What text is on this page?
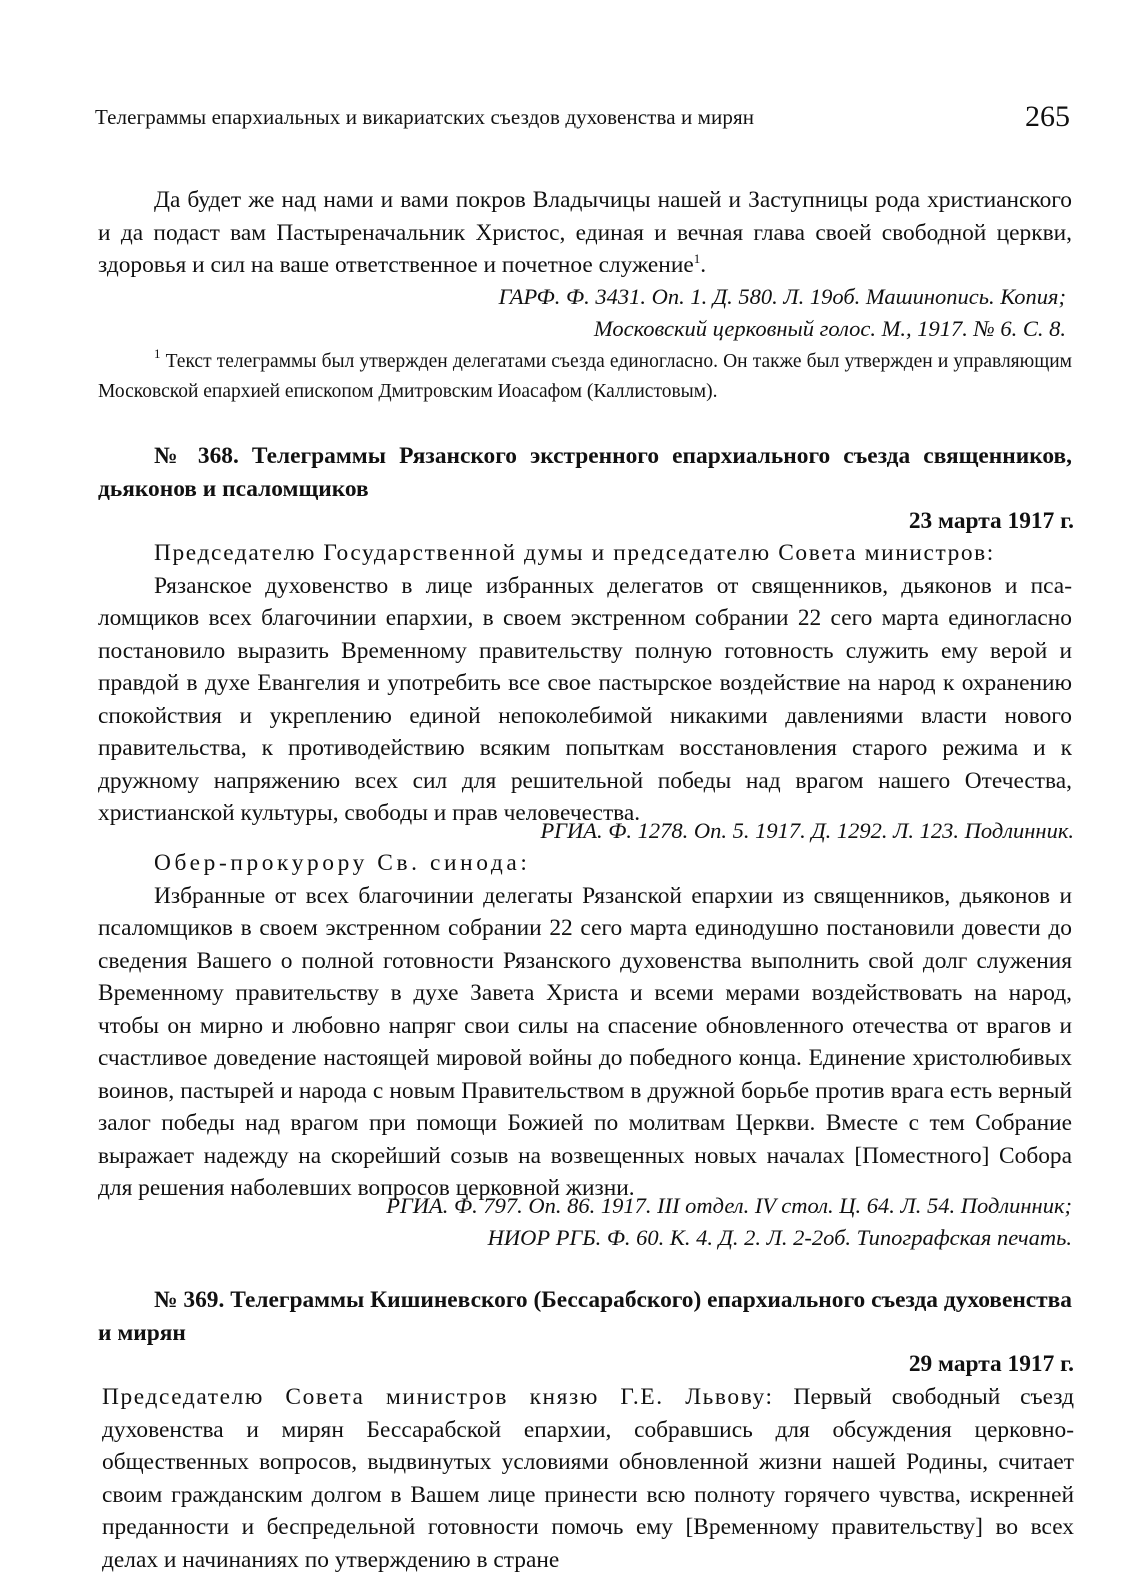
Телеграммы епархиальных и викариатских съездов духовенства и мирян	265

Да будет же над нами и вами покров Владычицы нашей и Заступницы рода христианского и да подаст вам Пастыреначальник Христос, единая и вечная глава своей свободной церкви, здоровья и сил на ваше ответственное и почетное служение$^1$.

ГАРФ. Ф. 3431. Оп. 1. Д. 580. Л. 19об. Машинопись. Копия;

Московский церковный голос. М., 1917. № 6. С. 8.

$^1$ Текст телеграммы был утвержден делегатами съезда единогласно. Он также был утвержден и управляющим Московской епархией епископом Дмитровским Иоасафом (Каллистовым).

№ 368. Телеграммы Рязанского экстренного епархиального съезда священников, дьяконов и псаломщиков

23 марта 1917 г.

Председателю Государственной думы и председателю Совета министров:

Рязанское духовенство в лице избранных делегатов от священников, дьяконов и псаломщиков всех благочинии епархии, в своем экстренном собрании 22 сего марта единогласно постановило выразить Временному правительству полную готовность служить ему верой и правдой в духе Евангелия и употребить все свое пастырское воздействие на народ к охранению спокойствия и укреплению единой непоколебимой никакими давлениями власти нового правительства, к противодействию всяким попыткам восстановления старого режима и к дружному напряжению всех сил для решительной победы над врагом нашего Отечества, христианской культуры, свободы и прав человечества.

РГИА. Ф. 1278. Оп. 5. 1917. Д. 1292. Л. 123. Подлинник.

Обер-прокурору Св. синода:

Избранные от всех благочинии делегаты Рязанской епархии из священников, дьяконов и псаломщиков в своем экстренном собрании 22 сего марта единодушно постановили довести до сведения Вашего о полной готовности Рязанского духовенства выполнить свой долг служения Временному правительству в духе Завета Христа и всеми мерами воздействовать на народ, чтобы он мирно и любовно напряг свои силы на спасение обновленного отечества от врагов и счастливое доведение настоящей мировой войны до победного конца. Единение христолюбивых воинов, пастырей и народа с новым Правительством в дружной борьбе против врага есть верный залог победы над врагом при помощи Божией по молитвам Церкви. Вместе с тем Собрание выражает надежду на скорейший созыв на возвещенных новых началах [Поместного] Собора для решения наболевших вопросов церковной жизни.

РГИА. Ф. 797. Оп. 86. 1917. III отдел. IV стол. Ц. 64. Л. 54. Подлинник;

НИОР РГБ. Ф. 60. К. 4. Д. 2. Л. 2-2об. Типографская печать.

№ 369. Телеграммы Кишиневского (Бессарабского) епархиального съезда духовенства и мирян

29 марта 1917 г.

Председателю Совета министров князю Г.Е. Львову: Первый свободный съезд духовенства и мирян Бессарабской епархии, собравшись для обсуждения церковно-общественных вопросов, выдвинутых условиями обновленной жизни нашей Родины, считает своим гражданским долгом в Вашем лице принести всю полноту горячего чувства, искренней преданности и беспредельной готовности помочь ему [Временному правительству] во всех делах и начинаниях по утверждению в стране
